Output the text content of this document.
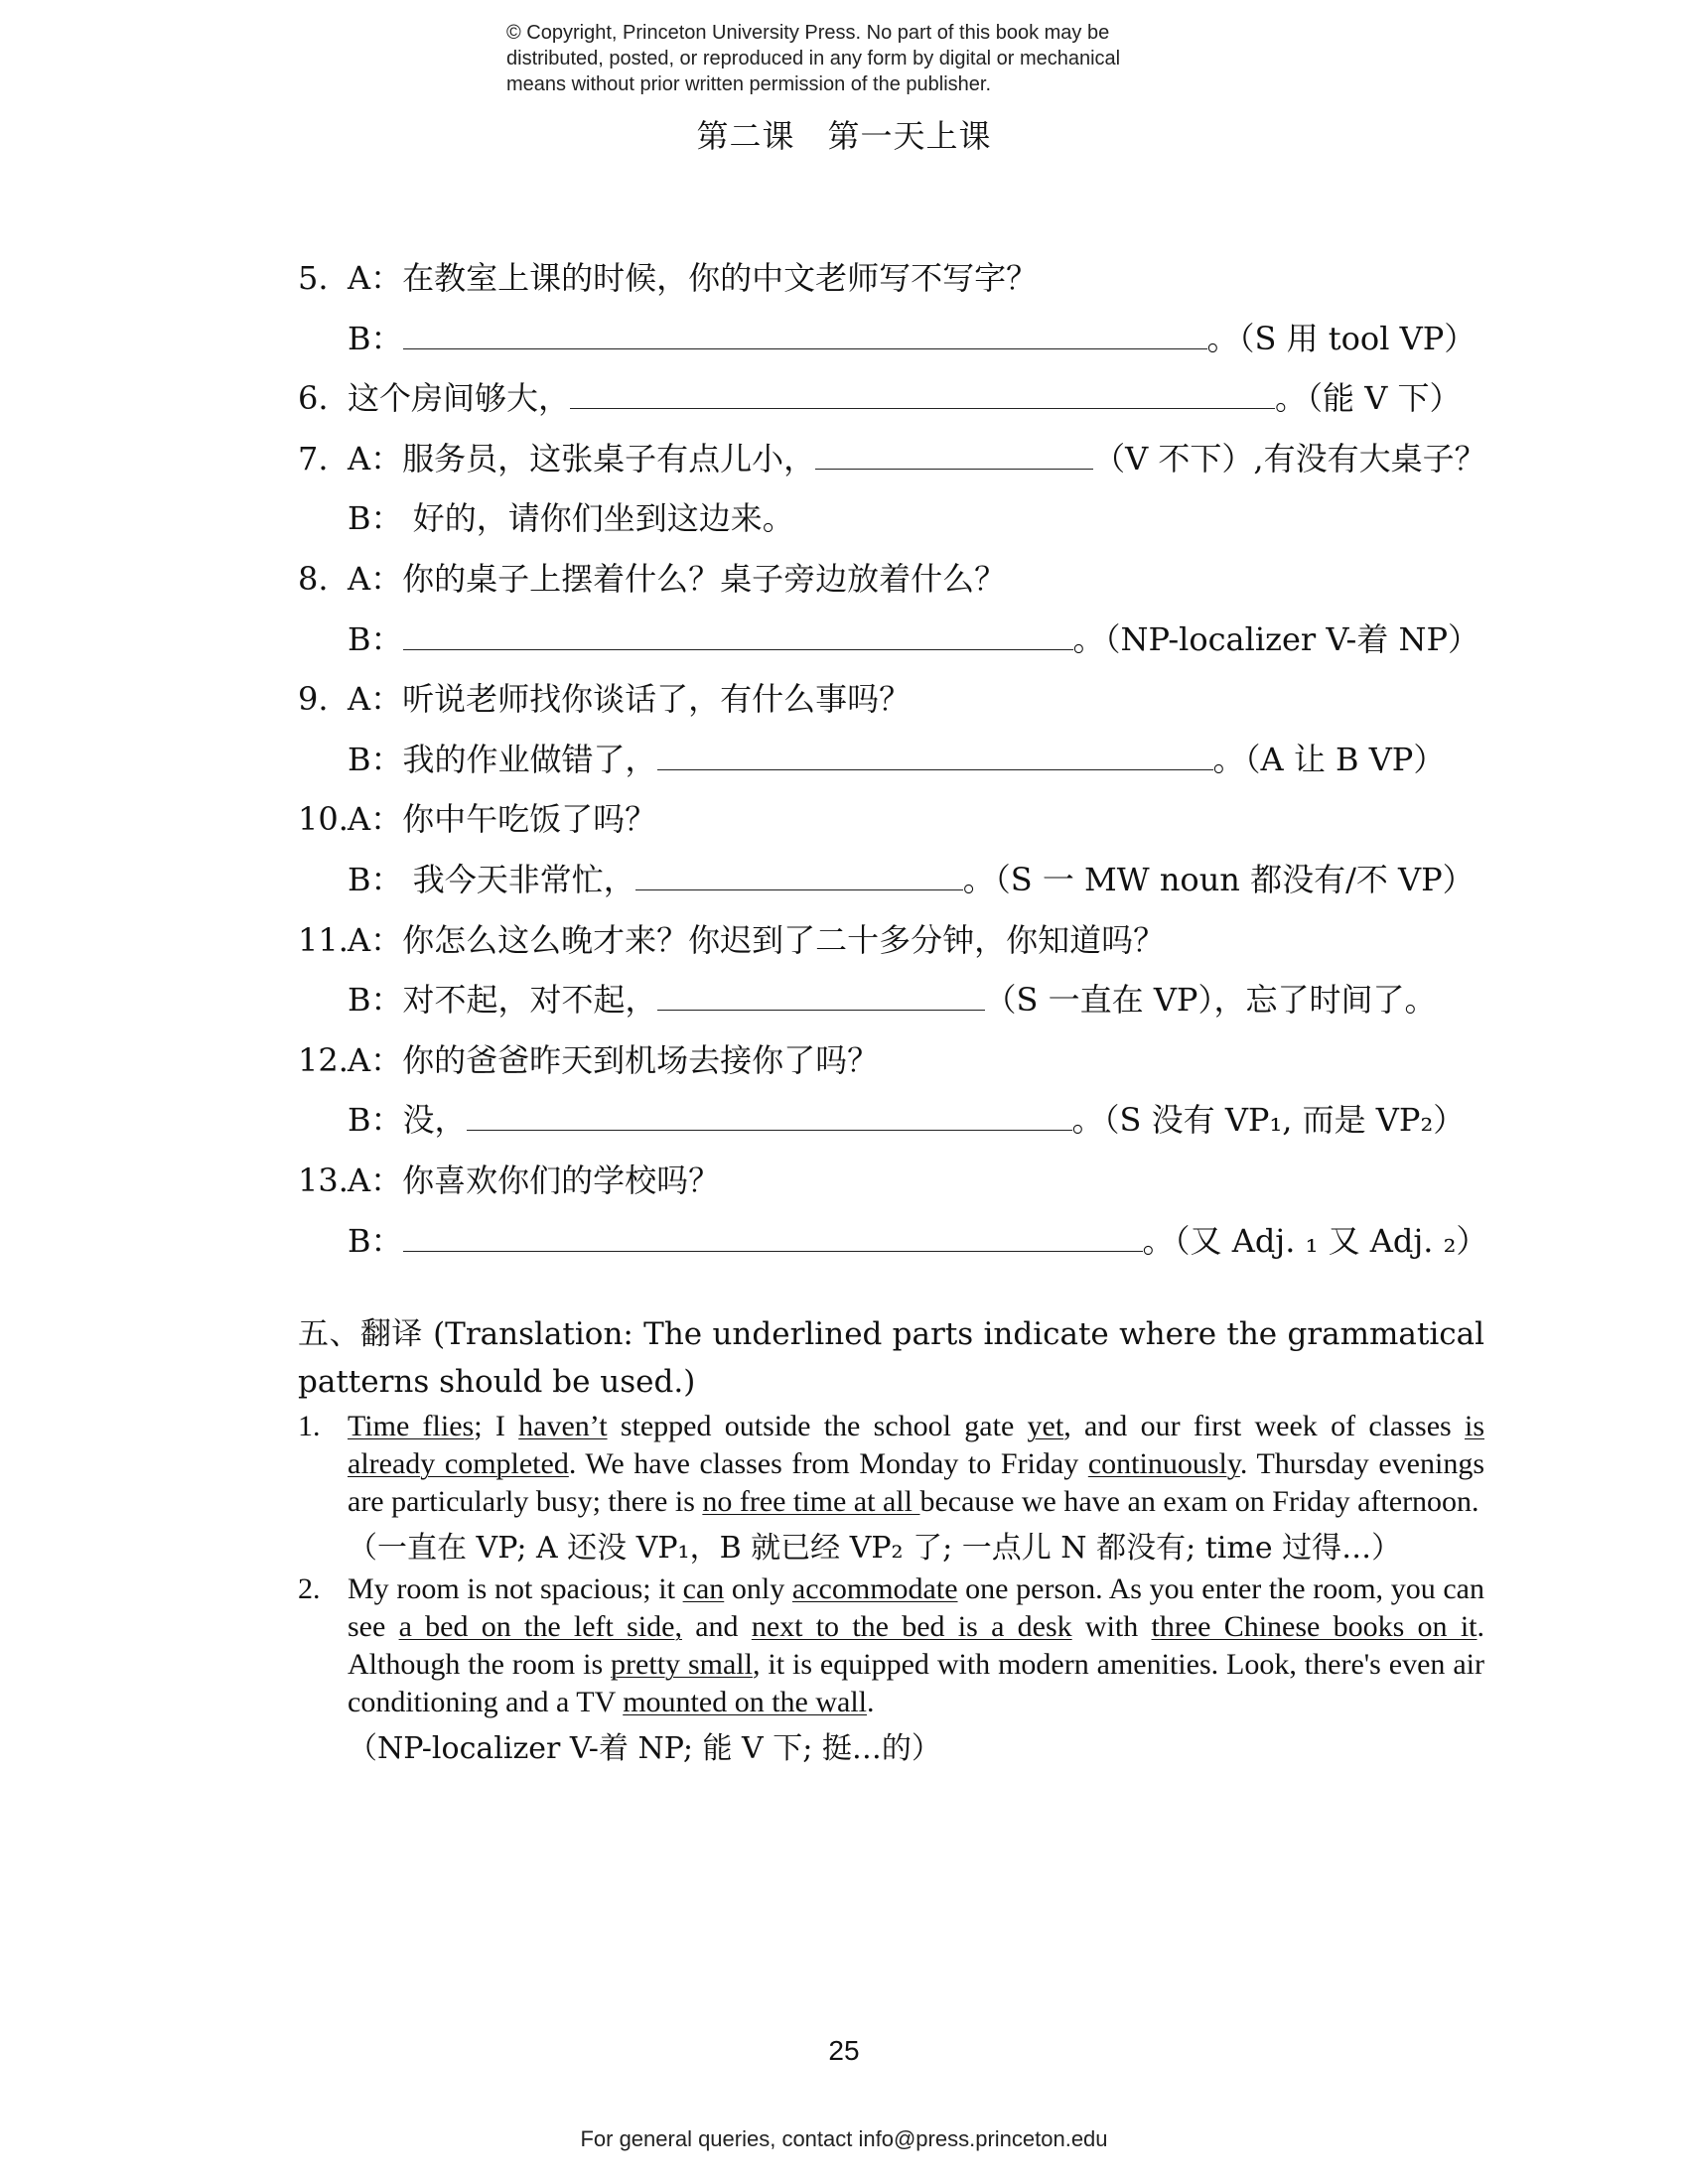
© Copyright, Princeton University Press. No part of this book may be
distributed, posted, or reproduced in any form by digital or mechanical
means without prior written permission of the publisher.
第二课　第一天上课
5. A：在教室上课的时候，你的中文老师写不写字？
B：	。（S 用 tool VP）
6. 这个房间够大，	。（能 V 下）
7. A：服务员，这张桌子有点儿小，	（V 不下）,有没有大桌子？
B： 好的，请你们坐到这边来。
8. A：你的桌子上摆着什么？桌子旁边放着什么？
B：	。（NP-localizer V-着 NP）
9. A：听说老师找你谈话了，有什么事吗？
B：我的作业做错了，	。（A 让 B VP）
10. A：你中午吃饭了吗？
B： 我今天非常忙，	。（S 一 MW noun 都没有/不 VP）
11. A：你怎么这么晚才来？你迟到了二十多分钟，你知道吗？
B：对不起，对不起，	（S 一直在 VP），忘了时间了。
12. A：你的爸爸昨天到机场去接你了吗？
B：没，	。（S 没有 VP₁, 而是 VP₂）
13. A：你喜欢你们的学校吗？
B：	。（又 Adj. ₁ 又 Adj. ₂）
五、翻译 (Translation: The underlined parts indicate where the grammatical patterns should be used.)
1. Time flies; I haven’t stepped outside the school gate yet, and our first week of classes is already completed. We have classes from Monday to Friday continuously. Thursday evenings are particularly busy; there is no free time at all because we have an exam on Friday afternoon.

（一直在 VP; A 还没 VP₁，B 就已经 VP₂ 了; 一点儿 N 都没有; time 过得…）
2. My room is not spacious; it can only accommodate one person. As you enter the room, you can see a bed on the left side, and next to the bed is a desk with three Chinese books on it. Although the room is pretty small, it is equipped with modern amenities. Look, there's even air conditioning and a TV mounted on the wall.

（NP-localizer V-着 NP; 能 V 下; 挺…的）
25
For general queries, contact info@press.princeton.edu
